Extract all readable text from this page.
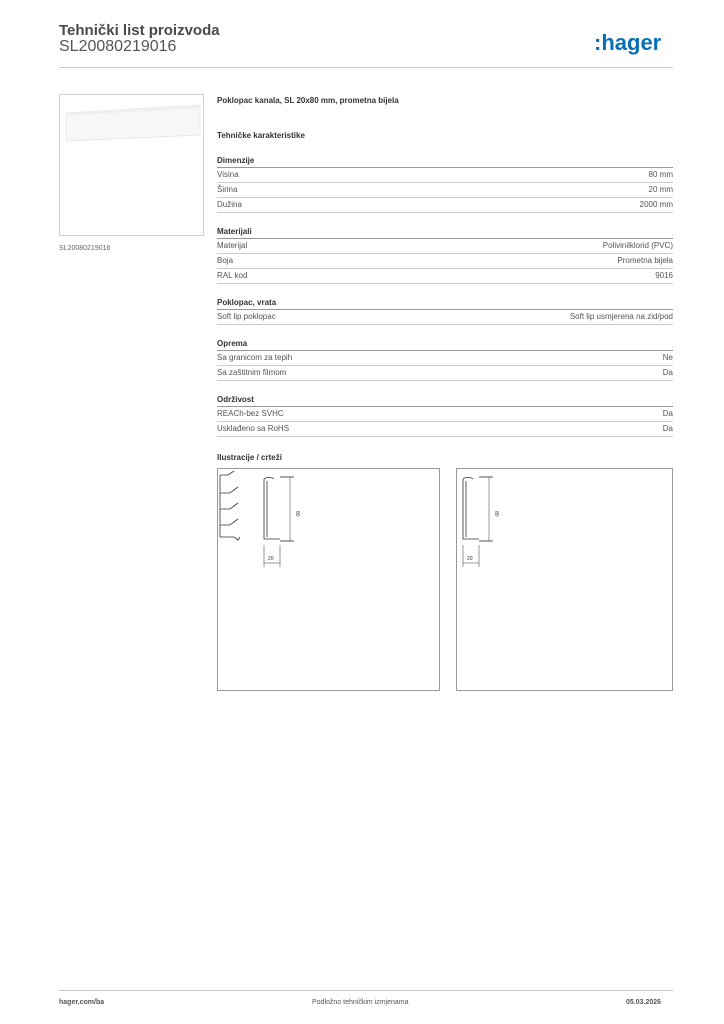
Tehnički list proizvoda
SL20080219016	:hager
SL20080219016
Poklopac kanala, SL 20x80 mm, prometna bijela
Tehničke karakteristike
Dimenzije
Visina	80 mm
Širina	20 mm
Dužina	2000 mm
Materijali
Materijal	Polivinilklorid (PVC)
Boja	Prometna bijela
RAL kod	9016
Poklopac, vrata
Soft lip poklopac	Soft lip usmjerena na zid/pod
Oprema
Sa granicom za tepih	Ne
Sa zaštitnim filmom	Da
Održivost
REACh-bez SVHC	Da
Usklađeno sa RoHS	Da
Ilustracije / crteži
80
20
80
20
hager.com/ba	Podložno tehničkim izmjenama	05.03.2026
